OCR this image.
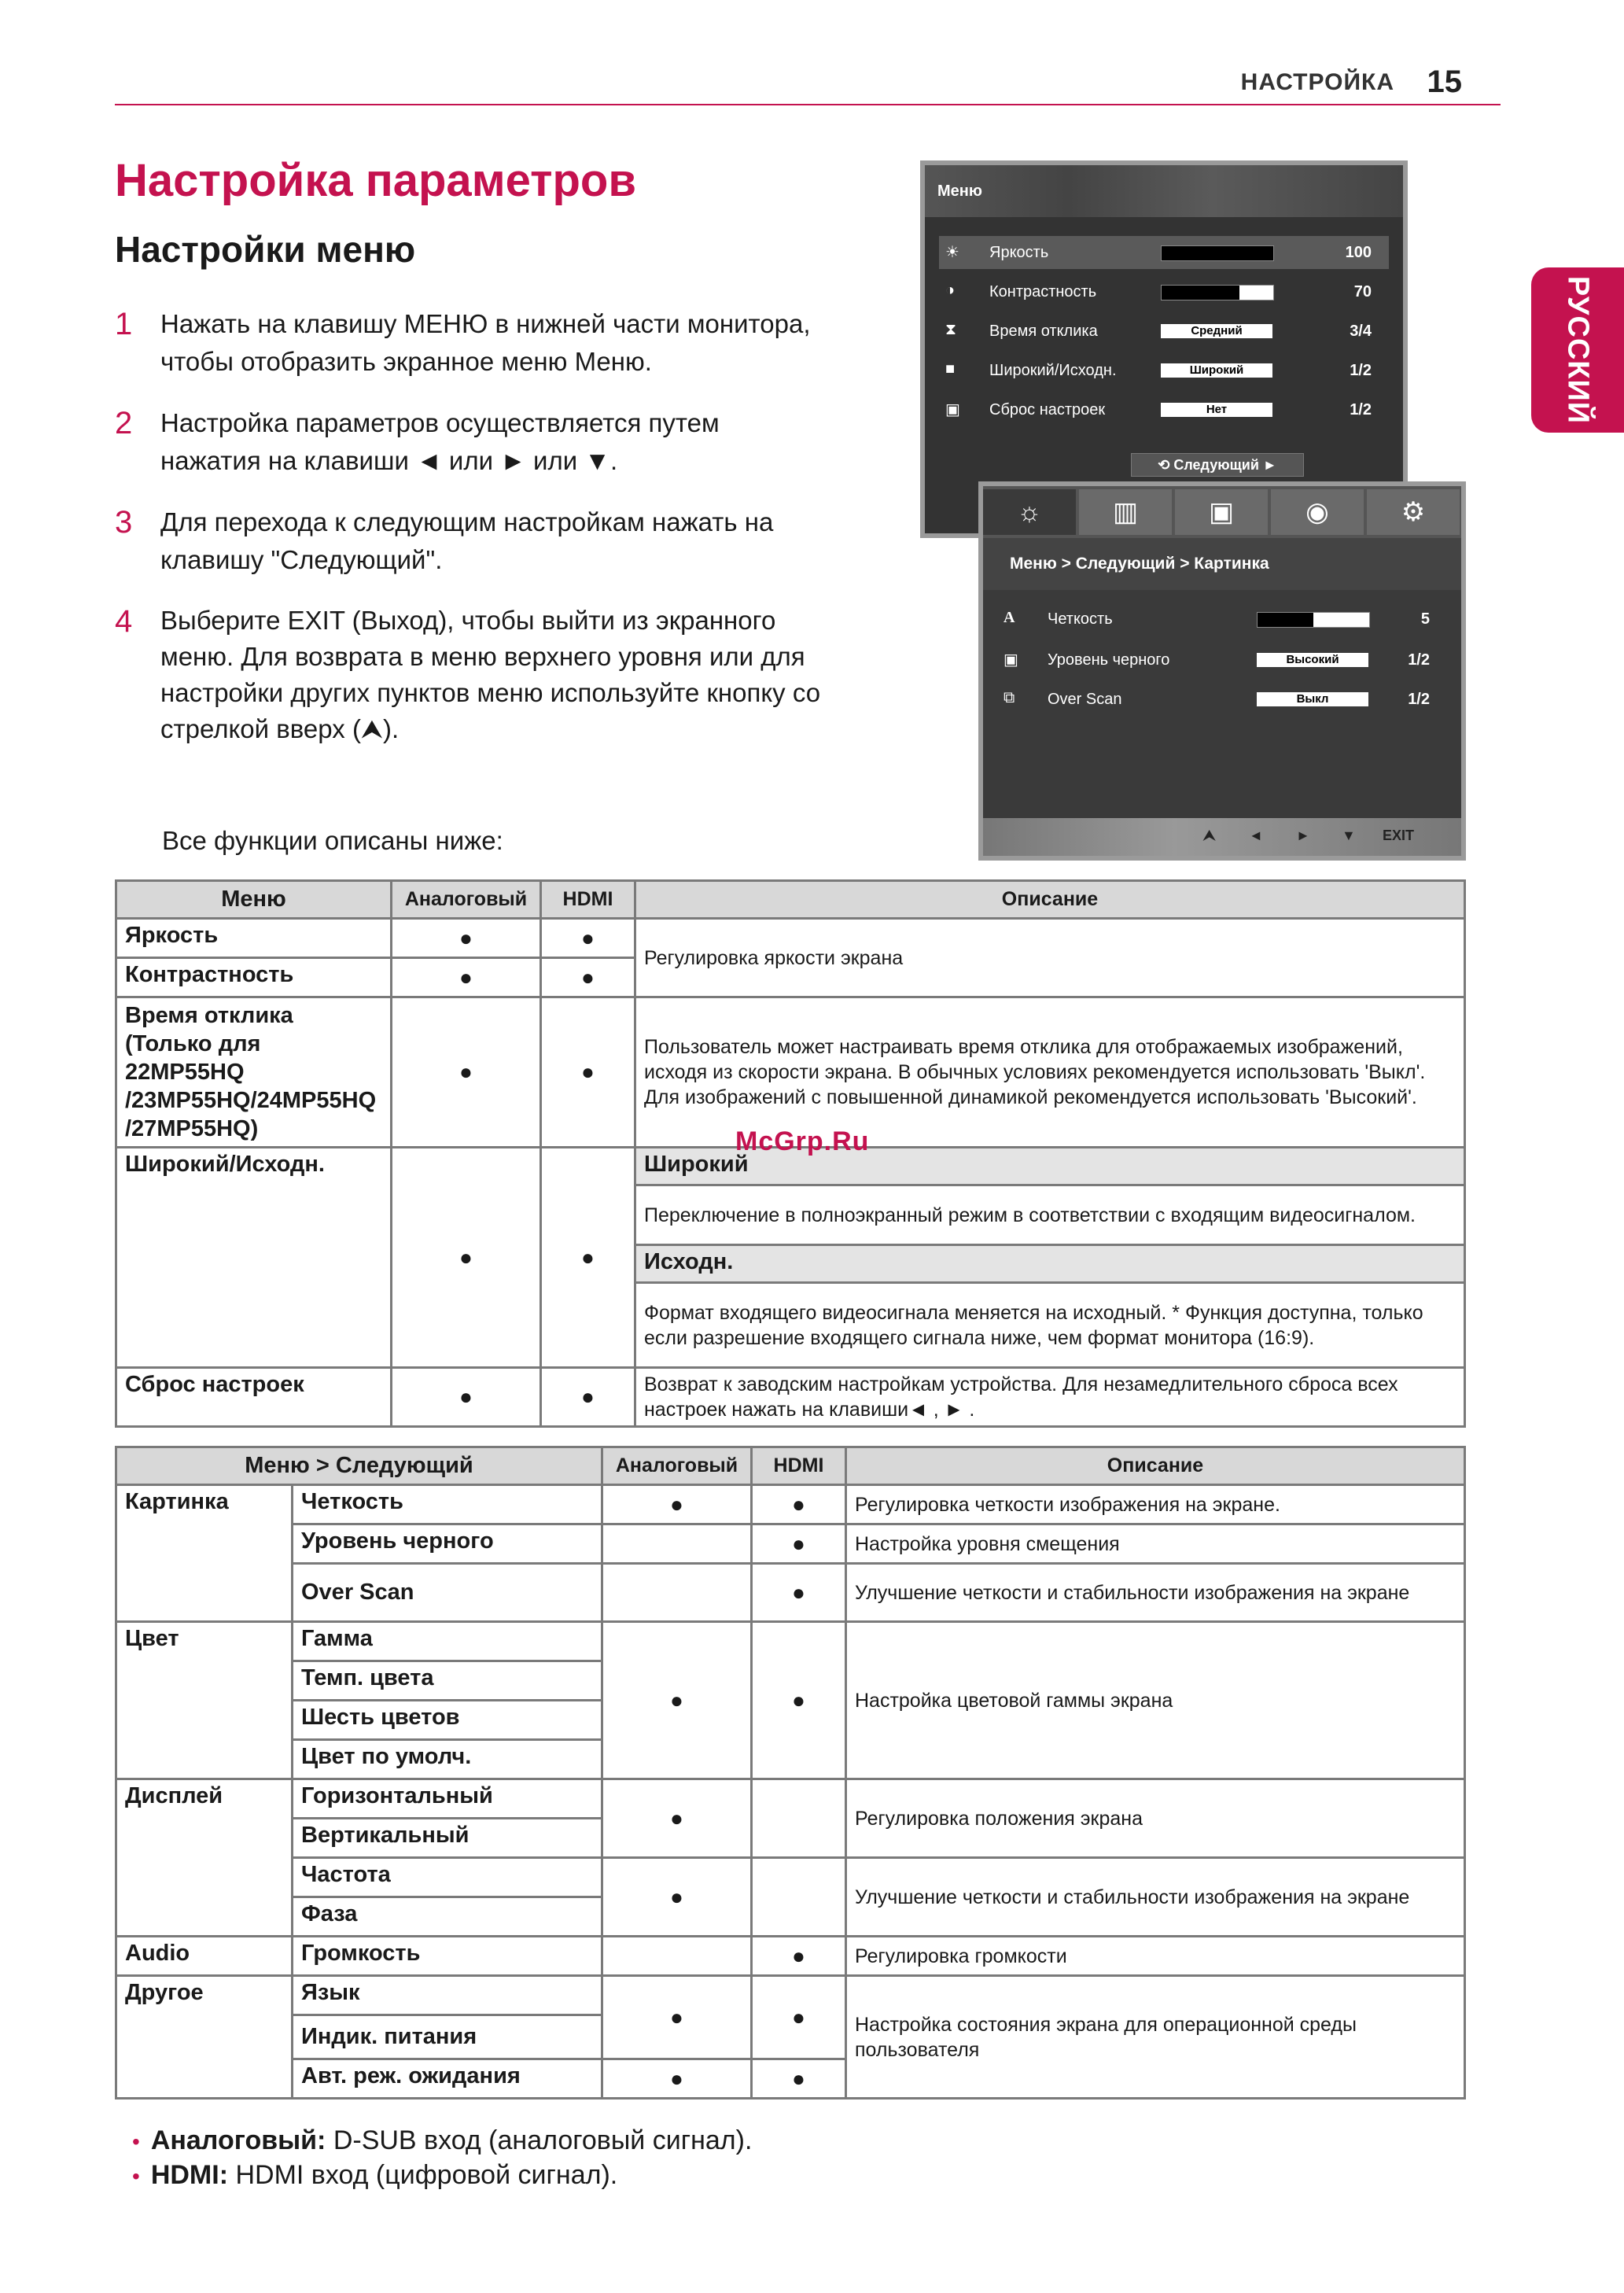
НАСТРОЙКА 15
РУССКИЙ
Настройка параметров
Настройки меню
1 Нажать на клавишу МЕНЮ в нижней части монитора, чтобы отобразить экранное меню Меню.
2 Настройка параметров осуществляется путем нажатия на клавиши ◄ или ► или ▼.
3 Для перехода к следующим настройкам нажать на клавишу "Следующий".
4 Выберите EXIT (Выход), чтобы выйти из экранного меню. Для возврата в меню верхнего уровня или для настройки других пунктов меню используйте кнопку со стрелкой вверх (⮝).
Все функции описаны ниже:
Меню
☀ Яркость	100
◑	Контрастность	70
⧗	Время отклика	Средний	3/4
■	Широкий/Исходн.	Широкий	1/2
▣ Сброс настроек	Нет	1/2
⟲ Следующий ►
☼	▥	▣	◉	⚙
Меню > Следующий > Картинка
A	Четкость	5
▣ Уровень черного	Высокий	1/2
⧉	Over Scan	Выкл	1/2
⮝ ◄ ► ▼ EXIT
Меню	Аналоговый	HDMI	Описание
Яркость	●	●	Регулировка яркости экрана
Контрастность	●	●	
Время отклика (Только для 22MP55HQ /23MP55HQ/24MP55HQ /27MP55HQ)	●	●	Пользователь может настраивать время отклика для отображаемых изображений, исходя из скорости экрана. В обычных условиях рекомендуется использовать 'Выкл'. Для изображений с повышенной динамикой рекомендуется использовать 'Высокий'.
Широкий/Исходн.	●	●	Широкий
			Переключение в полноэкранный режим в соответствии с входящим видеосигналом.
			Исходн.
			Формат входящего видеосигнала меняется на исходный. * Функция доступна, только если разрешение входящего сигнала ниже, чем формат монитора (16:9).
Сброс настроек	●	●	Возврат к заводским настройкам устройства. Для незамедлительного сброса всех настроек нажать на клавиши◄ , ► .
McGrp.Ru
Меню > Следующий		Аналоговый	HDMI	Описание
Картинка	Четкость	●	●	Регулировка четкости изображения на экране.
	Уровень черного		●	Настройка уровня смещения
	Over Scan		●	Улучшение четкости и стабильности изображения на экране
Цвет	Гамма	●	●	Настройка цветовой гаммы экрана
	Темп. цвета			
	Шесть цветов			
	Цвет по умолч.			
Дисплей	Горизонтальный	●		Регулировка положения экрана
	Вертикальный			
	Частота	●		Улучшение четкости и стабильности изображения на экране
	Фаза			
Audio	Громкость		●	Регулировка громкости
Другое	Язык	●	●	Настройка состояния экрана для операционной среды пользователя
	Индик. питания			
	Авт. реж. ожидания	●	●	
• Аналоговый: D-SUB вход (аналоговый сигнал).
• HDMI: HDMI вход (цифровой сигнал).
